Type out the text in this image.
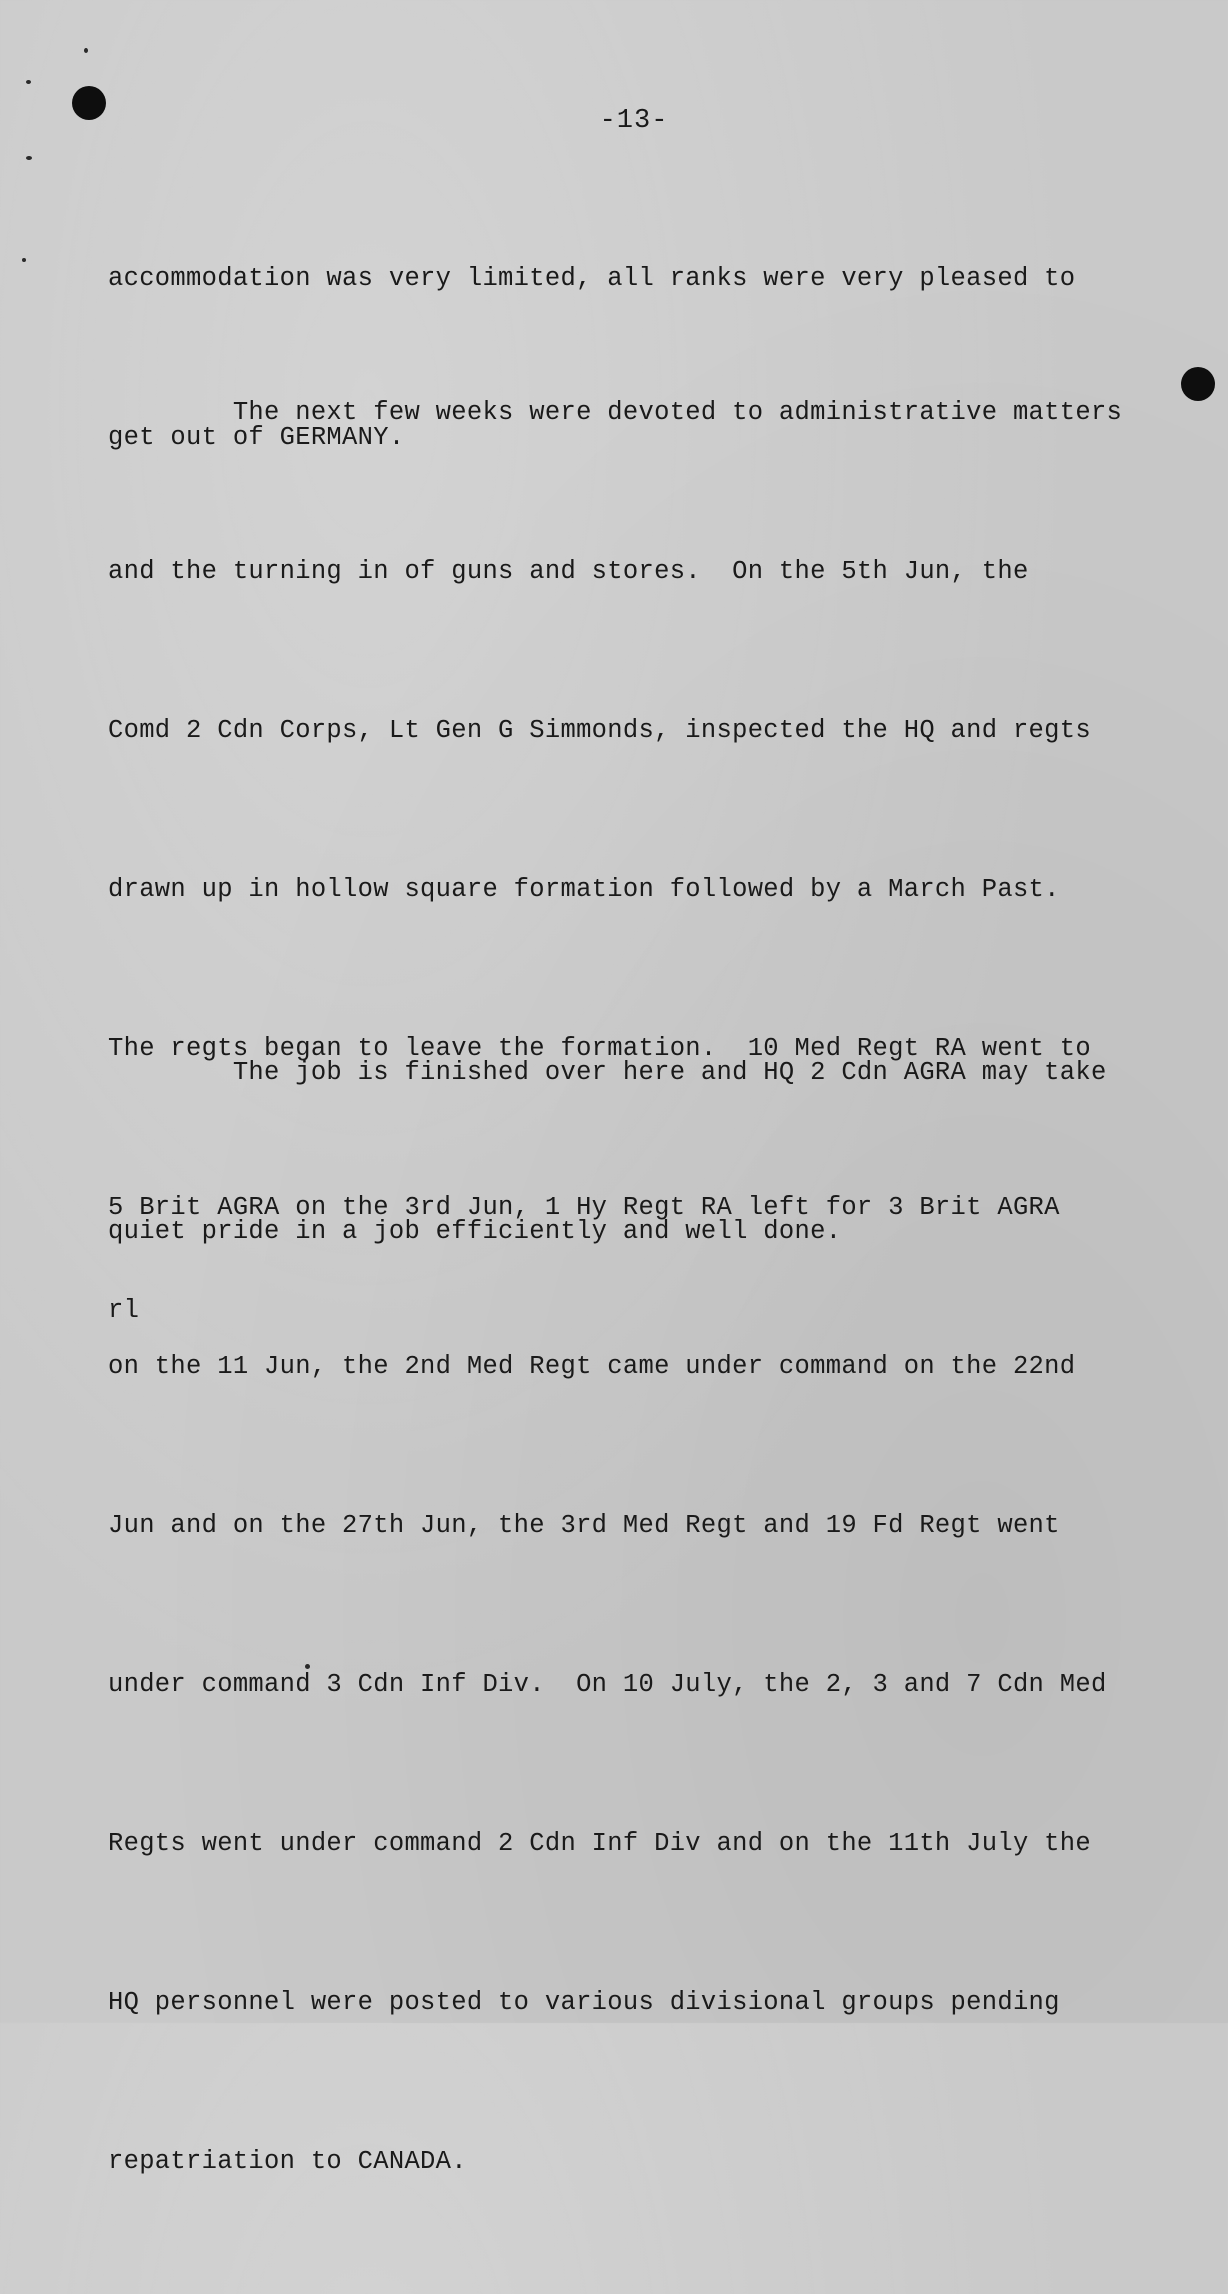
-13-

accommodation was very limited, all ranks were very pleased to

get out of GERMANY.

The next few weeks were devoted to administrative matters

and the turning in of guns and stores.  On the 5th Jun, the

Comd 2 Cdn Corps, Lt Gen G Simmonds, inspected the HQ and regts

drawn up in hollow square formation followed by a March Past.

The regts began to leave the formation.  10 Med Regt RA went to

5 Brit AGRA on the 3rd Jun, 1 Hy Regt RA left for 3 Brit AGRA

on the 11 Jun, the 2nd Med Regt came under command on the 22nd

Jun and on the 27th Jun, the 3rd Med Regt and 19 Fd Regt went

under command 3 Cdn Inf Div.  On 10 July, the 2, 3 and 7 Cdn Med

Regts went under command 2 Cdn Inf Div and on the 11th July the

HQ personnel were posted to various divisional groups pending

repatriation to CANADA.

The job is finished over here and HQ 2 Cdn AGRA may take

quiet pride in a job efficiently and well done.

rl
